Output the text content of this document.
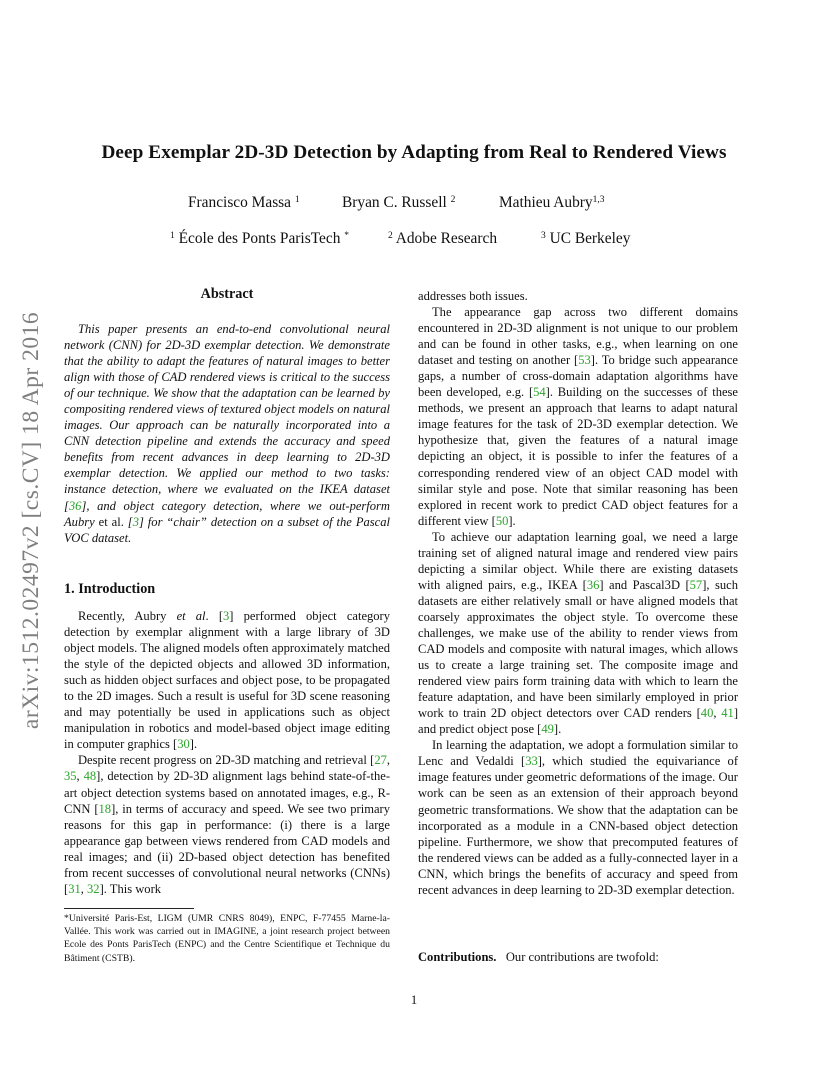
Deep Exemplar 2D-3D Detection by Adapting from Real to Rendered Views
Francisco Massa $^1$	Bryan C. Russell $^2$	Mathieu Aubry$^{1,3}$
$^1$ École des Ponts ParisTech *	$^2$ Adobe Research	$^3$ UC Berkeley
arXiv:1512.02497v2 [cs.CV] 18 Apr 2016
Abstract
This paper presents an end-to-end convolutional neural network (CNN) for 2D-3D exemplar detection. We demonstrate that the ability to adapt the features of natural images to better align with those of CAD rendered views is critical to the success of our technique. We show that the adaptation can be learned by compositing rendered views of textured object models on natural images. Our approach can be naturally incorporated into a CNN detection pipeline and extends the accuracy and speed benefits from recent advances in deep learning to 2D-3D exemplar detection. We applied our method to two tasks: instance detection, where we evaluated on the IKEA dataset [36], and object category detection, where we out-perform Aubry et al. [3] for “chair” detection on a subset of the Pascal VOC dataset.
1. Introduction

Recently, Aubry et al. [3] performed object category detection by exemplar alignment with a large library of 3D object models. The aligned models often approximately matched the style of the depicted objects and allowed 3D information, such as hidden object surfaces and object pose, to be propagated to the 2D images. Such a result is useful for 3D scene reasoning and may potentially be used in applications such as object manipulation in robotics and model-based object image editing in computer graphics [30].

Despite recent progress on 2D-3D matching and retrieval [27, 35, 48], detection by 2D-3D alignment lags behind state-of-the-art object detection systems based on annotated images, e.g., R-CNN [18], in terms of accuracy and speed. We see two primary reasons for this gap in performance: (i) there is a large appearance gap between views rendered from CAD models and real images; and (ii) 2D-based object detection has benefited from recent successes of convolutional neural networks (CNNs) [31, 32]. This work

addresses both issues.

The appearance gap across two different domains encountered in 2D-3D alignment is not unique to our problem and can be found in other tasks, e.g., when learning on one dataset and testing on another [53]. To bridge such appearance gaps, a number of cross-domain adaptation algorithms have been developed, e.g. [54]. Building on the successes of these methods, we present an approach that learns to adapt natural image features for the task of 2D-3D exemplar detection. We hypothesize that, given the features of a natural image depicting an object, it is possible to infer the features of a corresponding rendered view of an object CAD model with similar style and pose. Note that similar reasoning has been explored in recent work to predict CAD object features for a different view [50].

To achieve our adaptation learning goal, we need a large training set of aligned natural image and rendered view pairs depicting a similar object. While there are existing datasets with aligned pairs, e.g., IKEA [36] and Pascal3D [57], such datasets are either relatively small or have aligned models that coarsely approximates the object style. To overcome these challenges, we make use of the ability to render views from CAD models and composite with natural images, which allows us to create a large training set. The composite image and rendered view pairs form training data with which to learn the feature adaptation, and have been similarly employed in prior work to train 2D object detectors over CAD renders [40, 41] and predict object pose [49].

In learning the adaptation, we adopt a formulation similar to Lenc and Vedaldi [33], which studied the equivariance of image features under geometric deformations of the image. Our work can be seen as an extension of their approach beyond geometric transformations. We show that the adaptation can be incorporated as a module in a CNN-based object detection pipeline. Furthermore, we show that precomputed features of the rendered views can be added as a fully-connected layer in a CNN, which brings the benefits of accuracy and speed from recent advances in deep learning to 2D-3D exemplar detection.

*Université Paris-Est, LIGM (UMR CNRS 8049), ENPC, F-77455 Marne-la-Vallée. This work was carried out in IMAGINE, a joint research project between Ecole des Ponts ParisTech (ENPC) and the Centre Scientifique et Technique du Bâtiment (CSTB).	Contributions. Our contributions are twofold:
1
